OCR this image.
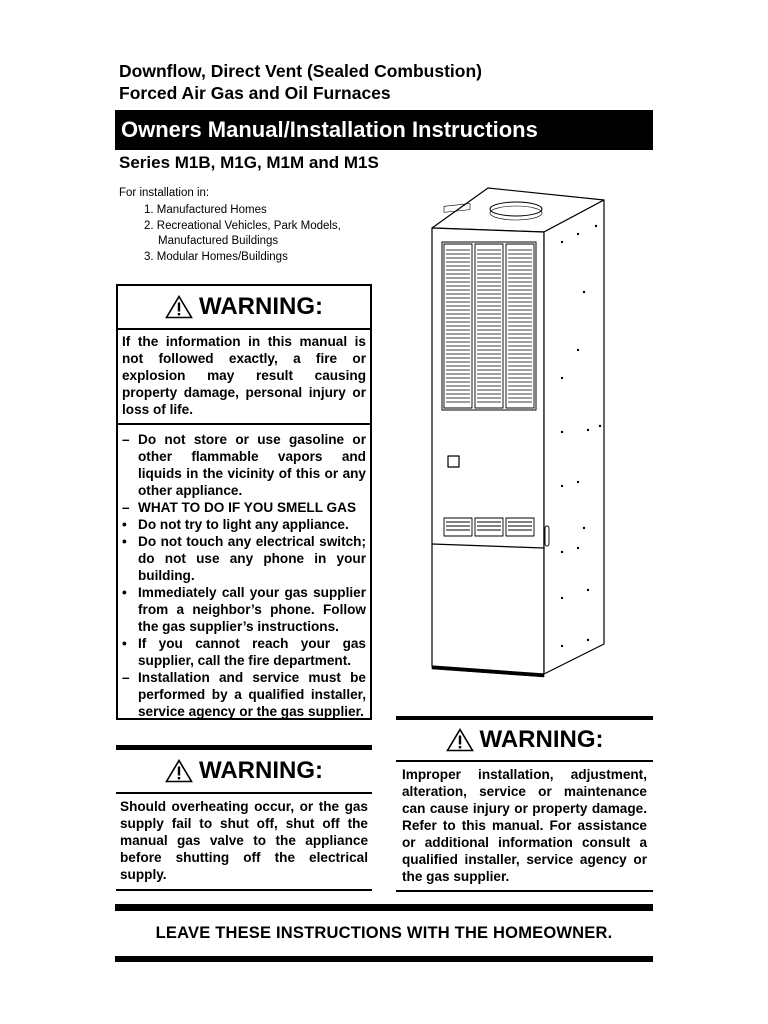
Downflow, Direct Vent (Sealed Combustion)
Forced Air Gas and Oil Furnaces
Owners Manual/Installation Instructions
Series M1B, M1G, M1M and M1S
For installation in:
1. Manufactured Homes
2. Recreational Vehicles, Park Models, Manufactured Buildings
3. Modular Homes/Buildings
WARNING:
If the information in this manual is not followed exactly, a fire or explosion may result causing property damage, personal injury or loss of life.
– Do not store or use gasoline or other flammable vapors and liquids in the vicinity of this or any other appliance.
– WHAT TO DO IF YOU SMELL GAS
• Do not try to light any appliance.
• Do not touch any electrical switch; do not use any phone in your building.
• Immediately call your gas supplier from a neighbor’s phone. Follow the gas supplier’s instructions.
• If you cannot reach your gas supplier, call the fire department.
– Installation and service must be performed by a qualified installer, service agency or the gas supplier.
WARNING:
Should overheating occur, or the gas supply fail to shut off, shut off the manual gas valve to the appliance before shutting off the electrical supply.
WARNING:
Improper installation, adjustment, alteration, service or maintenance can cause injury or property damage. Refer to this manual. For assistance or additional information consult a qualified installer, service agency or the gas supplier.
LEAVE THESE INSTRUCTIONS WITH THE HOMEOWNER.
